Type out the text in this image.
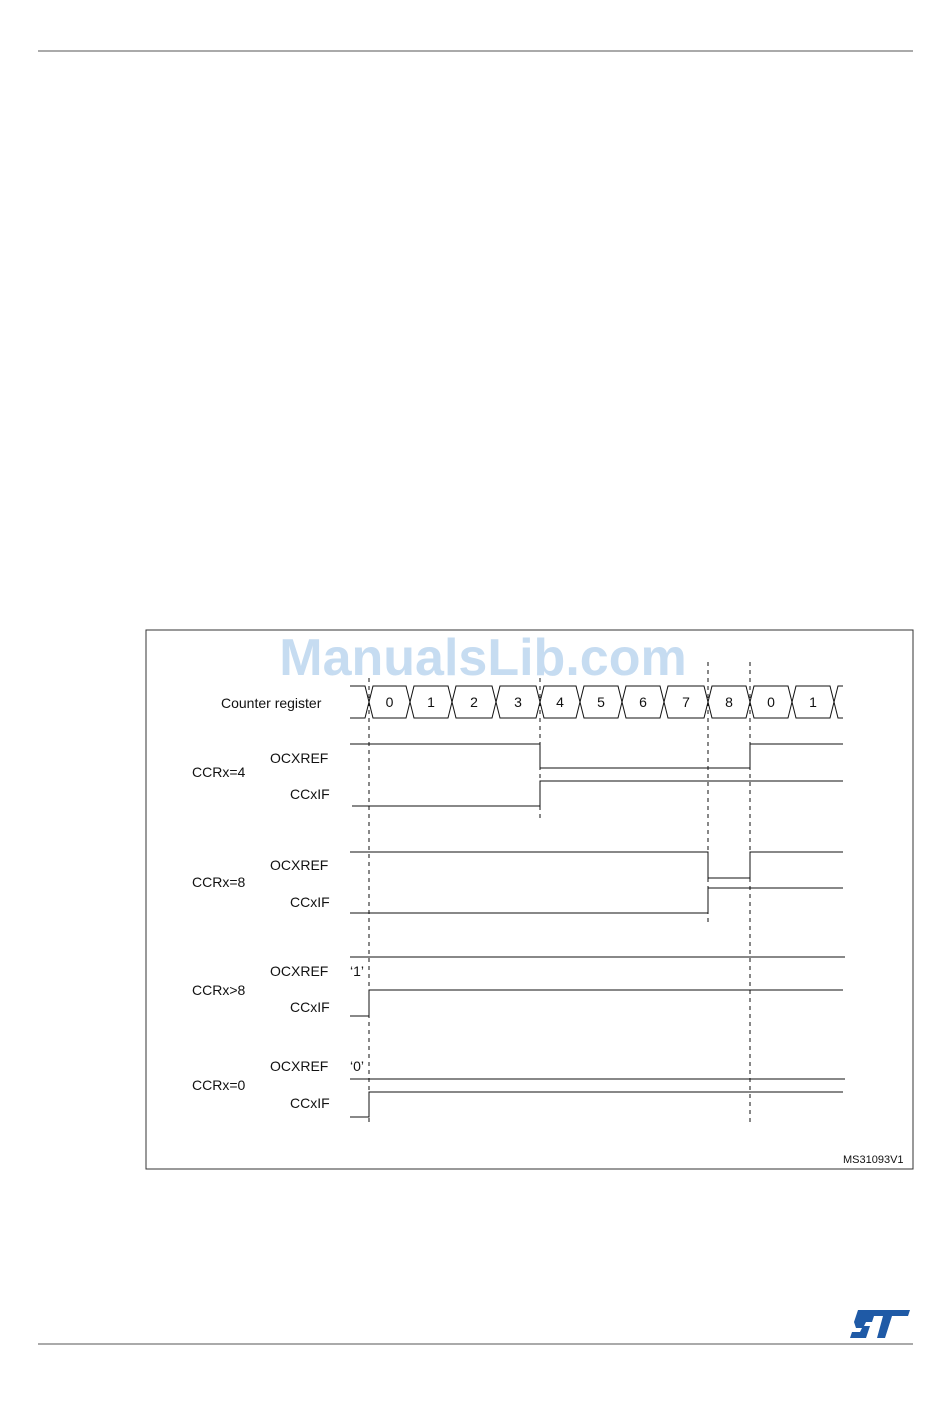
ManualsLib.com
Counter register	0 1	2	3 4 5 6	7	8 0 1
CCRx=4
OCXREF
CCxIF
CCRx=8
OCXREF
CCxIF
CCRx>8
OCXREF
CCxIF
‘1’
CCRx=0
OCXREF
CCxIF
‘0’
MS31093V1
